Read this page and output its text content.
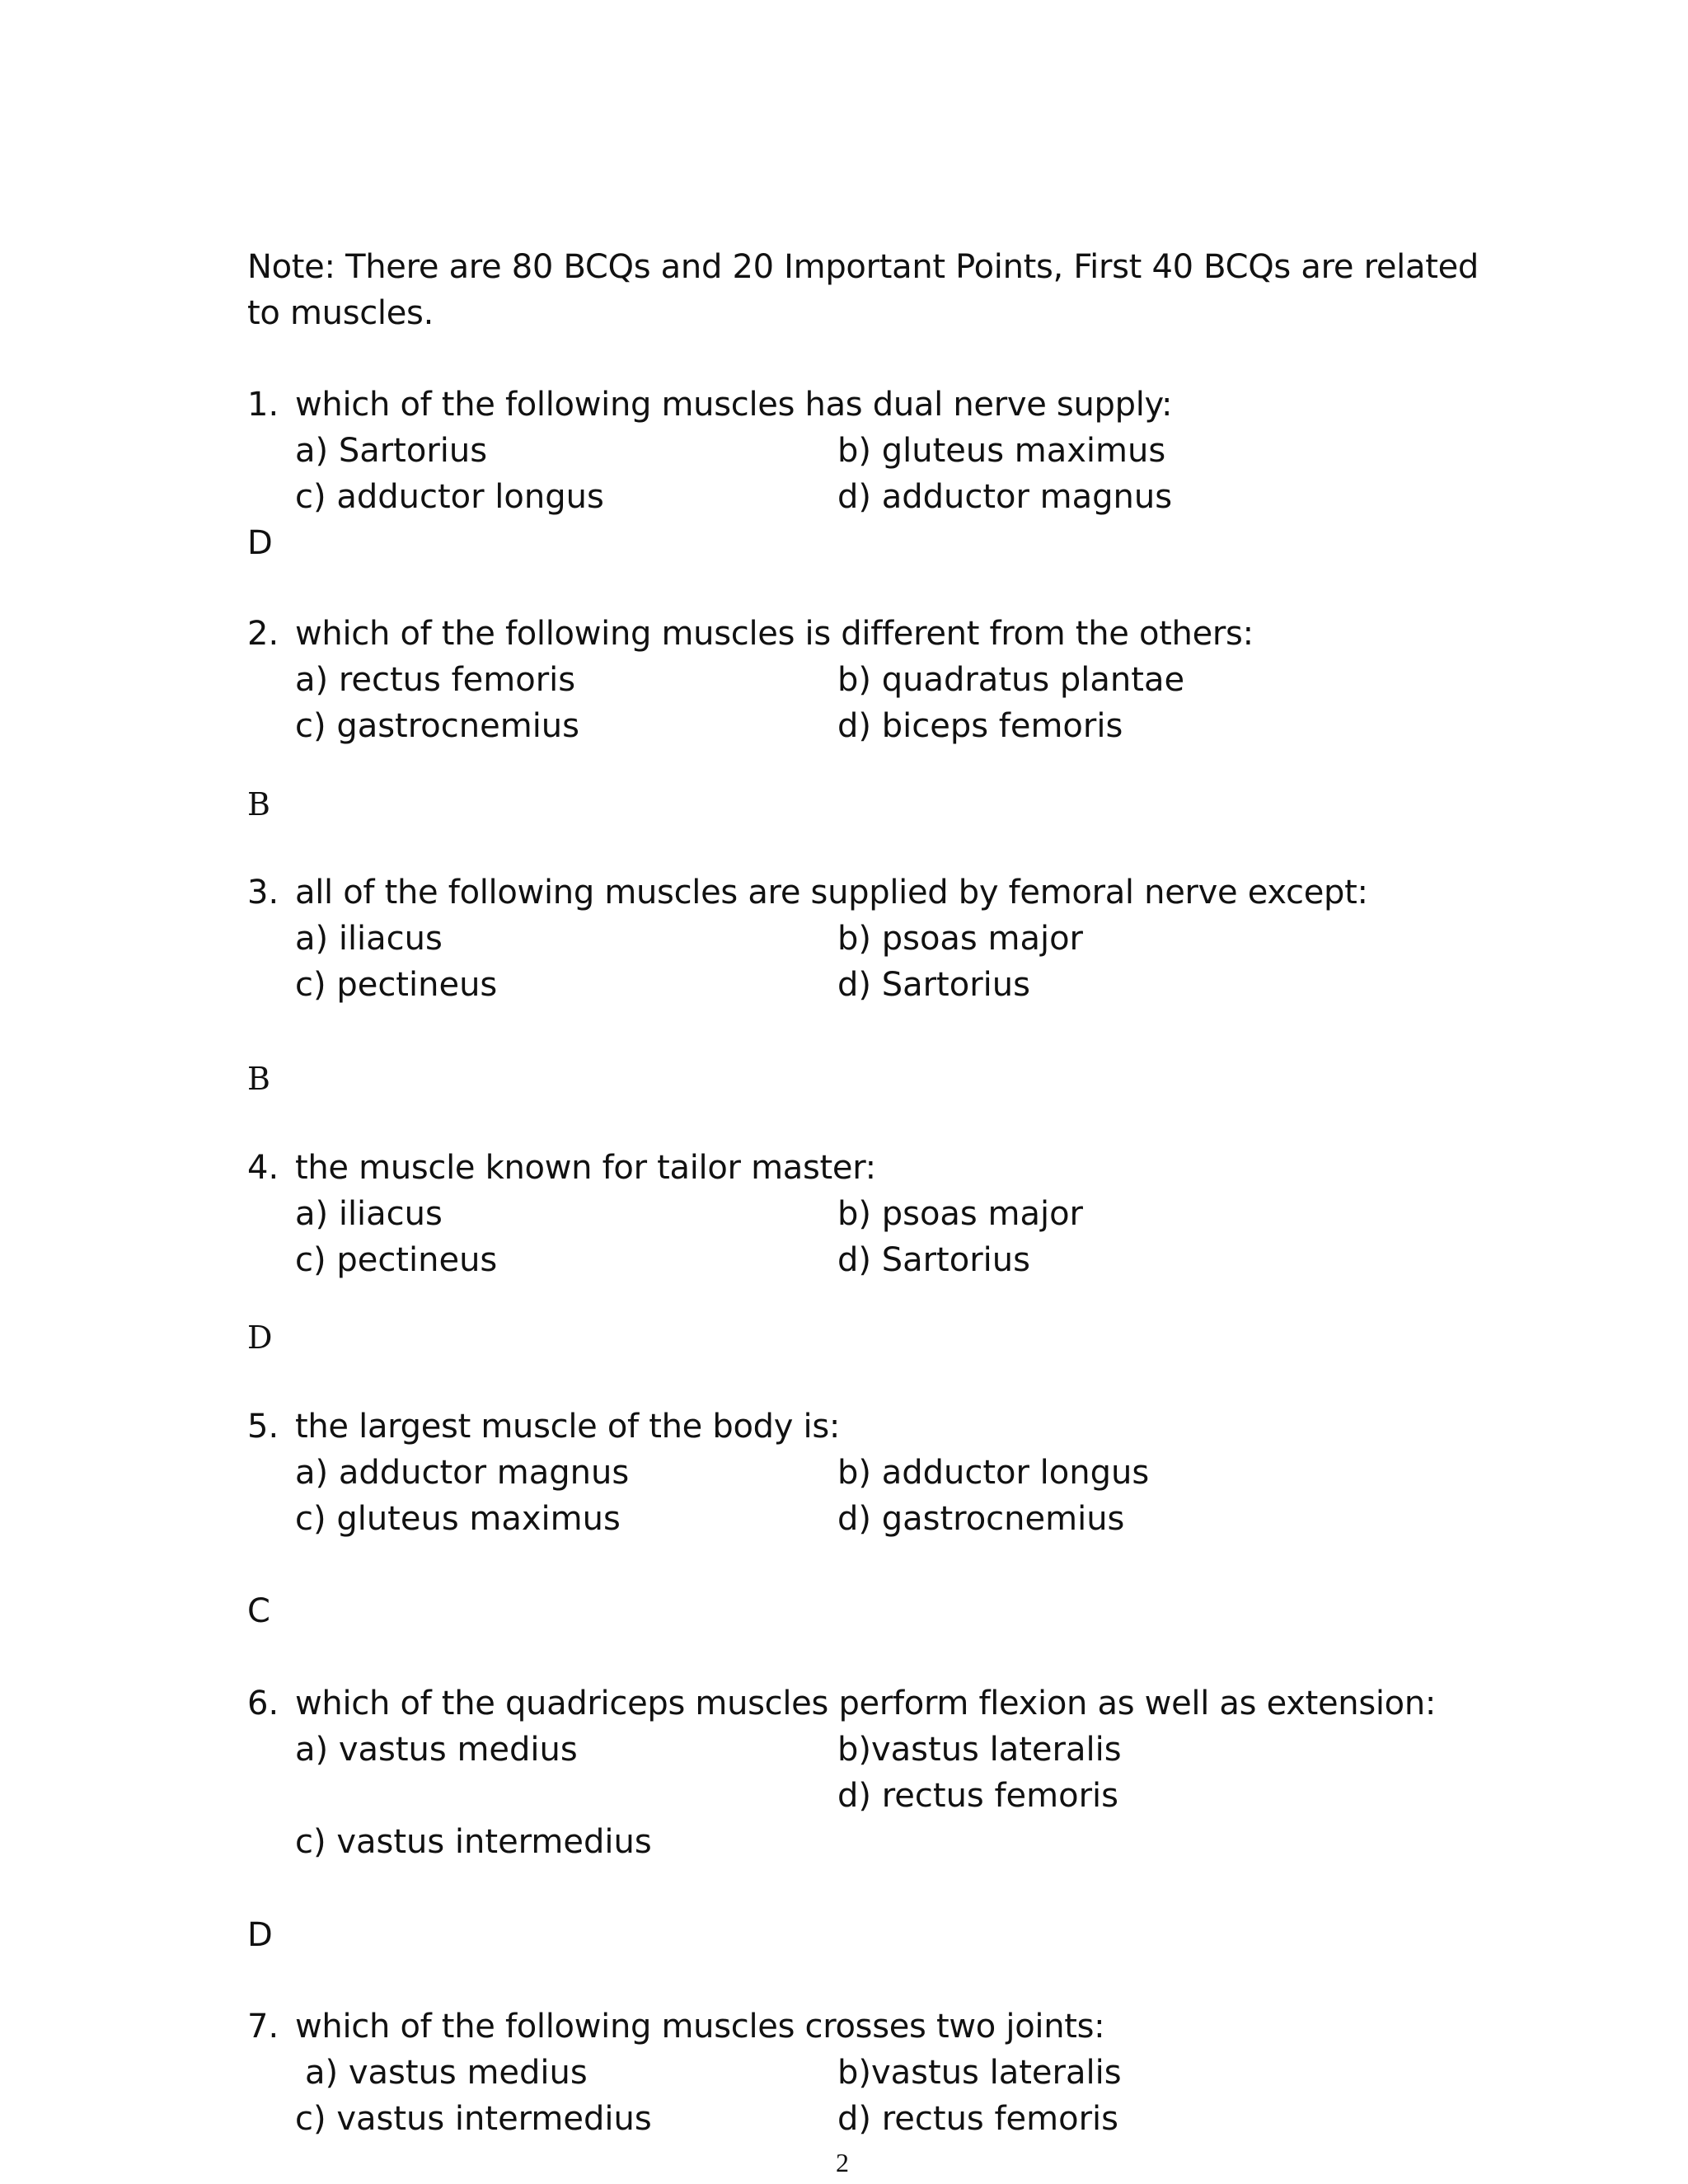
Note: There are 80 BCQs and 20 Important Points, First 40 BCQs are related
to muscles.
1. which of the following muscles has dual nerve supply:
a) Sartorius	b) gluteus maximus
c) adductor longus	d) adductor magnus
D
2. which of the following muscles is different from the others:
a) rectus femoris	b) quadratus plantae
c) gastrocnemius	d) biceps femoris
B
3. all of the following muscles are supplied by femoral nerve except:
a) iliacus	b) psoas major
c) pectineus	d) Sartorius
B
4. the muscle known for tailor master:
a) iliacus	b) psoas major
c) pectineus	d) Sartorius
D
5. the largest muscle of the body is:
a) adductor magnus	b) adductor longus
c) gluteus maximus	d) gastrocnemius
C
6. which of the quadriceps muscles perform flexion as well as extension:
a) vastus medius	b)vastus lateralis
d) rectus femoris
c) vastus intermedius
D
7. which of the following muscles crosses two joints:
a) vastus medius	b)vastus lateralis
c) vastus intermedius	d) rectus femoris
2
